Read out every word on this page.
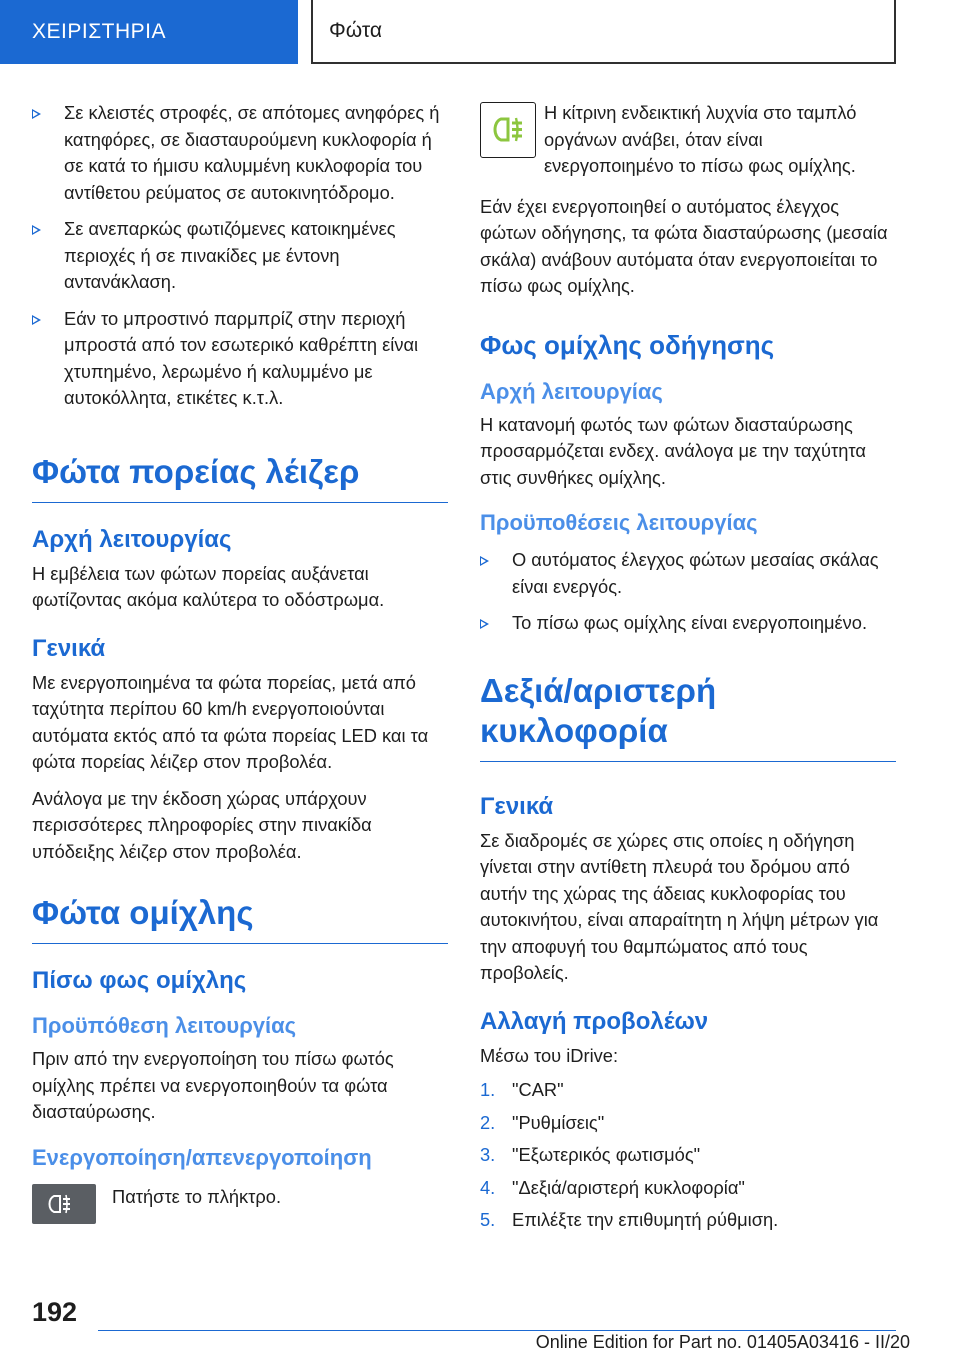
ΧΕΙΡΙΣΤΗΡΙΑ	Φώτα
Σε κλειστές στροφές, σε απότομες ανηφόρες ή κατηφόρες, σε διασταυρούμενη κυκλοφορία ή σε κατά το ήμισυ καλυμμένη κυκλοφορία του αντίθετου ρεύματος σε αυτοκινητόδρομο.
Σε ανεπαρκώς φωτιζόμενες κατοικημένες περιοχές ή σε πινακίδες με έντονη αντανάκλαση.
Εάν το μπροστινό παρμπρίζ στην περιοχή μπροστά από τον εσωτερικό καθρέπτη είναι χτυπημένο, λερωμένο ή καλυμμένο με αυτοκόλλητα, ετικέτες κ.τ.λ.
Φώτα πορείας λέιζερ
Αρχή λειτουργίας
Η εμβέλεια των φώτων πορείας αυξάνεται φωτίζοντας ακόμα καλύτερα το οδόστρωμα.
Γενικά
Με ενεργοποιημένα τα φώτα πορείας, μετά από ταχύτητα περίπου 60 km/h ενεργοποιούνται αυτόματα εκτός από τα φώτα πορείας LED και τα φώτα πορείας λέιζερ στον προβολέα.
Ανάλογα με την έκδοση χώρας υπάρχουν περισσότερες πληροφορίες στην πινακίδα υπόδειξης λέιζερ στον προβολέα.
Φώτα ομίχλης
Πίσω φως ομίχλης
Προϋπόθεση λειτουργίας
Πριν από την ενεργοποίηση του πίσω φωτός ομίχλης πρέπει να ενεργοποιηθούν τα φώτα διασταύρωσης.
Ενεργοποίηση/απενεργοποίηση
Πατήστε το πλήκτρο.
Η κίτρινη ενδεικτική λυχνία στο ταμπλό οργάνων ανάβει, όταν είναι ενεργοποιημένο το πίσω φως ομίχλης.
Εάν έχει ενεργοποιηθεί ο αυτόματος έλεγχος φώτων οδήγησης, τα φώτα διασταύρωσης (μεσαία σκάλα) ανάβουν αυτόματα όταν ενεργοποιείται το πίσω φως ομίχλης.
Φως ομίχλης οδήγησης
Αρχή λειτουργίας
Η κατανομή φωτός των φώτων διασταύρωσης προσαρμόζεται ενδεχ. ανάλογα με την ταχύτητα στις συνθήκες ομίχλης.
Προϋποθέσεις λειτουργίας
Ο αυτόματος έλεγχος φώτων μεσαίας σκάλας είναι ενεργός.
Το πίσω φως ομίχλης είναι ενεργοποιημένο.
Δεξιά/αριστερή κυκλοφορία
Γενικά
Σε διαδρομές σε χώρες στις οποίες η οδήγηση γίνεται στην αντίθετη πλευρά του δρόμου από αυτήν της χώρας της άδειας κυκλοφορίας του αυτοκινήτου, είναι απαραίτητη η λήψη μέτρων για την αποφυγή του θαμπώματος από τους προβολείς.
Αλλαγή προβολέων
Μέσω του iDrive:
1. "CAR"
2. "Ρυθμίσεις"
3. "Εξωτερικός φωτισμός"
4. "Δεξιά/αριστερή κυκλοφορία"
5. Επιλέξτε την επιθυμητή ρύθμιση.
192
Online Edition for Part no. 01405A03416 - II/20
